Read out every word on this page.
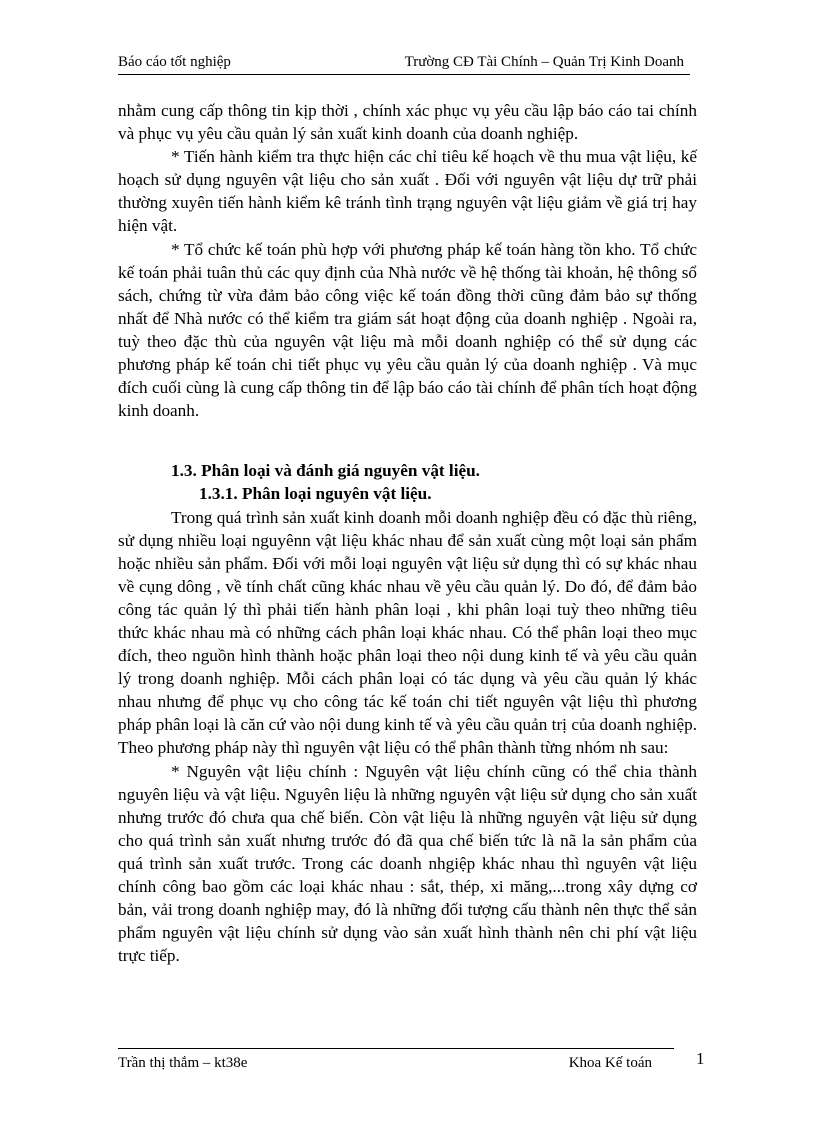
Báo cáo tốt nghiệp	Trường CĐ Tài Chính – Quản Trị Kinh Doanh

nhằm cung cấp thông tin kịp thời , chính xác phục vụ yêu cầu lập báo cáo tai chính và phục vụ yêu cầu quản lý sản xuất kinh doanh của doanh nghiệp.

* Tiến hành kiểm tra thực hiện các chỉ tiêu kế hoạch về thu mua vật liệu, kế hoạch sử dụng nguyên vật liệu cho sản xuất . Đối với nguyên vật liệu dự trữ phải thường xuyên tiến hành kiểm kê tránh tình trạng nguyên vật liệu giảm về giá trị hay hiện vật.

* Tổ chức kế toán phù hợp với phương pháp kế toán hàng tồn kho. Tổ chức kế toán phải tuân thủ các quy định của Nhà nước về hệ thống tài khoản, hệ thông sổ sách, chứng từ vừa đảm bảo công việc kế toán đồng thời cũng đảm bảo sự thống nhất để Nhà nước có thể kiểm tra giám sát hoạt động của doanh nghiệp . Ngoài ra, tuỳ theo đặc thù của nguyên vật liệu mà mỗi doanh nghiệp có thể sử dụng các phương pháp kế toán chi tiết phục vụ yêu cầu quản lý của doanh nghiệp . Và mục đích cuối cùng là cung cấp thông tin để lập báo cáo tài chính để phân tích hoạt động kinh doanh.

1.3. Phân loại và đánh giá nguyên vật liệu.
1.3.1. Phân loại nguyên vật liệu.

Trong quá trình sản xuất kinh doanh mỗi doanh nghiệp đều có đặc thù riêng, sử dụng nhiều loại nguyênn vật liệu khác nhau để sản xuất cùng một loại sản phẩm hoặc nhiều sản phẩm. Đối với mỗi loại nguyên vật liệu sử dụng thì có sự khác nhau về cụng dông , về tính chất cũng khác nhau về yêu cầu quản lý. Do đó, để đảm bảo công tác quản lý thì phải tiến hành phân loại , khi phân loại tuỳ theo những tiêu thức khác nhau mà có những cách phân loại khác nhau. Có thể phân loại theo mục đích, theo nguồn hình thành hoặc phân loại theo nội dung kinh tế và yêu cầu quản lý trong doanh nghiệp. Mỗi cách phân loại có tác dụng và yêu cầu quản lý khác nhau nhưng để phục vụ cho công tác kế toán chi tiết nguyên vật liệu thì phương pháp phân loại là căn cứ vào nội dung kinh tế và yêu cầu quản trị của doanh nghiệp. Theo phương pháp này thì nguyên vật liệu có thể phân thành từng nhóm nh sau:

* Nguyên vật liệu chính : Nguyên vật liệu chính cũng có thể chia thành nguyên liệu và vật liệu. Nguyên liệu là những nguyên vật liệu sử dụng cho sản xuất nhưng trước đó chưa qua chế biến. Còn vật liệu là những nguyên vật liệu sử dụng cho quá trình sản xuất nhưng trước đó đã qua chế biến tức là nã la sản phẩm của quá trình sản xuất trước. Trong các doanh nhgiệp khác nhau thì nguyên vật liệu chính công bao gồm các loại khác nhau : sắt, thép, xi măng,...trong xây dựng cơ bản, vải trong doanh nghiệp may, đó là những đối tượng cấu thành nên thực thể sản phẩm nguyên vật liệu chính sử dụng vào sản xuất hình thành nên chi phí vật liệu trực tiếp.

Trần thị thắm – kt38e	Khoa Kế toán	1
